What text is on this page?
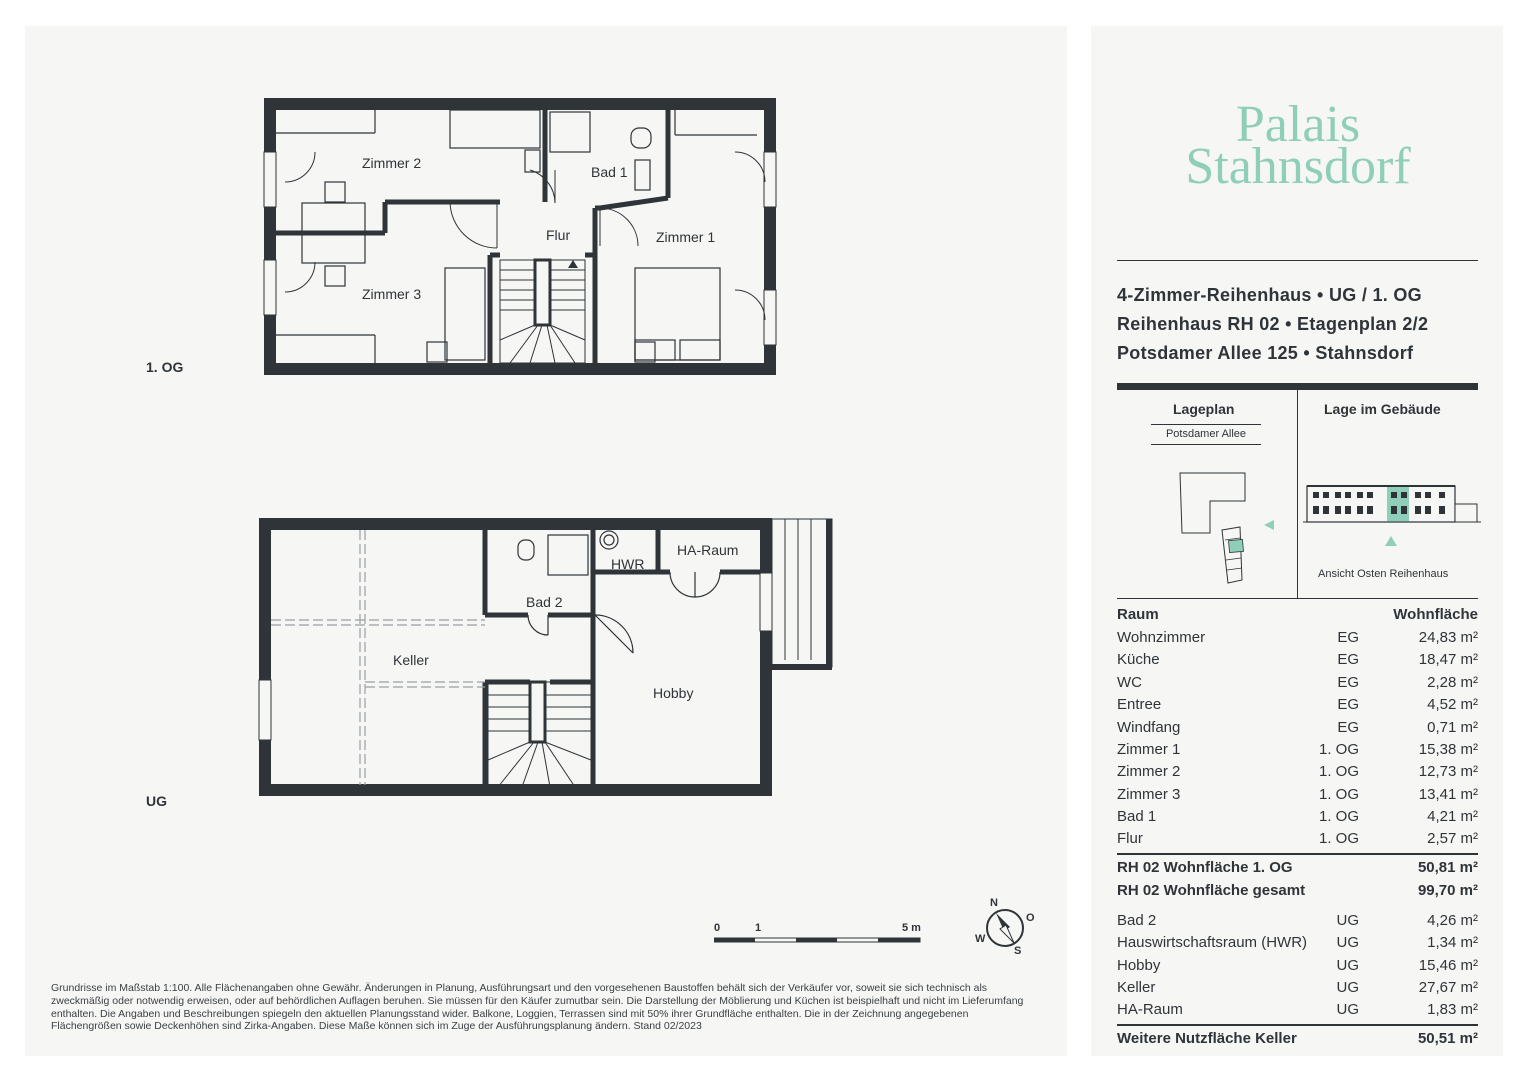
Zimmer 2
Bad 1
Flur	Zimmer 1
Zimmer 3
1. OG
HWR
HA-Raum
Bad 2
Keller
Hobby
UG
0	1	5 m
N
O
S
W
Grundrisse im Maßstab 1:100. Alle Flächenangaben ohne Gewähr. Änderungen in Planung, Ausführungsart und den vorgesehenen Baustoffen behält sich der Verkäufer vor, soweit sie sich technisch als zweckmäßig oder notwendig erweisen, oder auf behördlichen Auflagen beruhen. Sie müssen für den Käufer zumutbar sein. Die Darstellung der Möblierung und Küchen ist beispielhaft und nicht im Lieferumfang enthalten. Die Angaben und Beschreibungen spiegeln den aktuellen Planungsstand wider. Balkone, Loggien, Terrassen sind mit 50% ihrer Grundfläche enthalten. Die in der Zeichnung angegebenen Flächengrößen sowie Deckenhöhen sind Zirka-Angaben. Diese Maße können sich im Zuge der Ausführungsplanung ändern. Stand 02/2023
Palais
Stahnsdorf
4-Zimmer-Reihenhaus • UG / 1. OG
Reihenhaus RH 02 • Etagenplan 2/2
Potsdamer Allee 125 • Stahnsdorf
Lageplan
Potsdamer Allee
Lage im Gebäude
Ansicht Osten Reihenhaus
Raum	Wohnfläche
Wohnzimmer	EG	24,83 m²
Küche	EG	18,47 m²
WC	EG	2,28 m²
Entree	EG	4,52 m²
Windfang	EG	0,71 m²
Zimmer 1	1. OG	15,38 m²
Zimmer 2	1. OG	12,73 m²
Zimmer 3	1. OG	13,41 m²
Bad 1	1. OG	4,21 m²
Flur	1. OG	2,57 m²
RH 02 Wohnfläche 1. OG	50,81 m²
RH 02 Wohnfläche gesamt	99,70 m²
Bad 2	UG	4,26 m²
Hauswirtschaftsraum (HWR)	UG	1,34 m²
Hobby	UG	15,46 m²
Keller	UG	27,67 m²
HA-Raum	UG	1,83 m²
Weitere Nutzfläche Keller	50,51 m²
